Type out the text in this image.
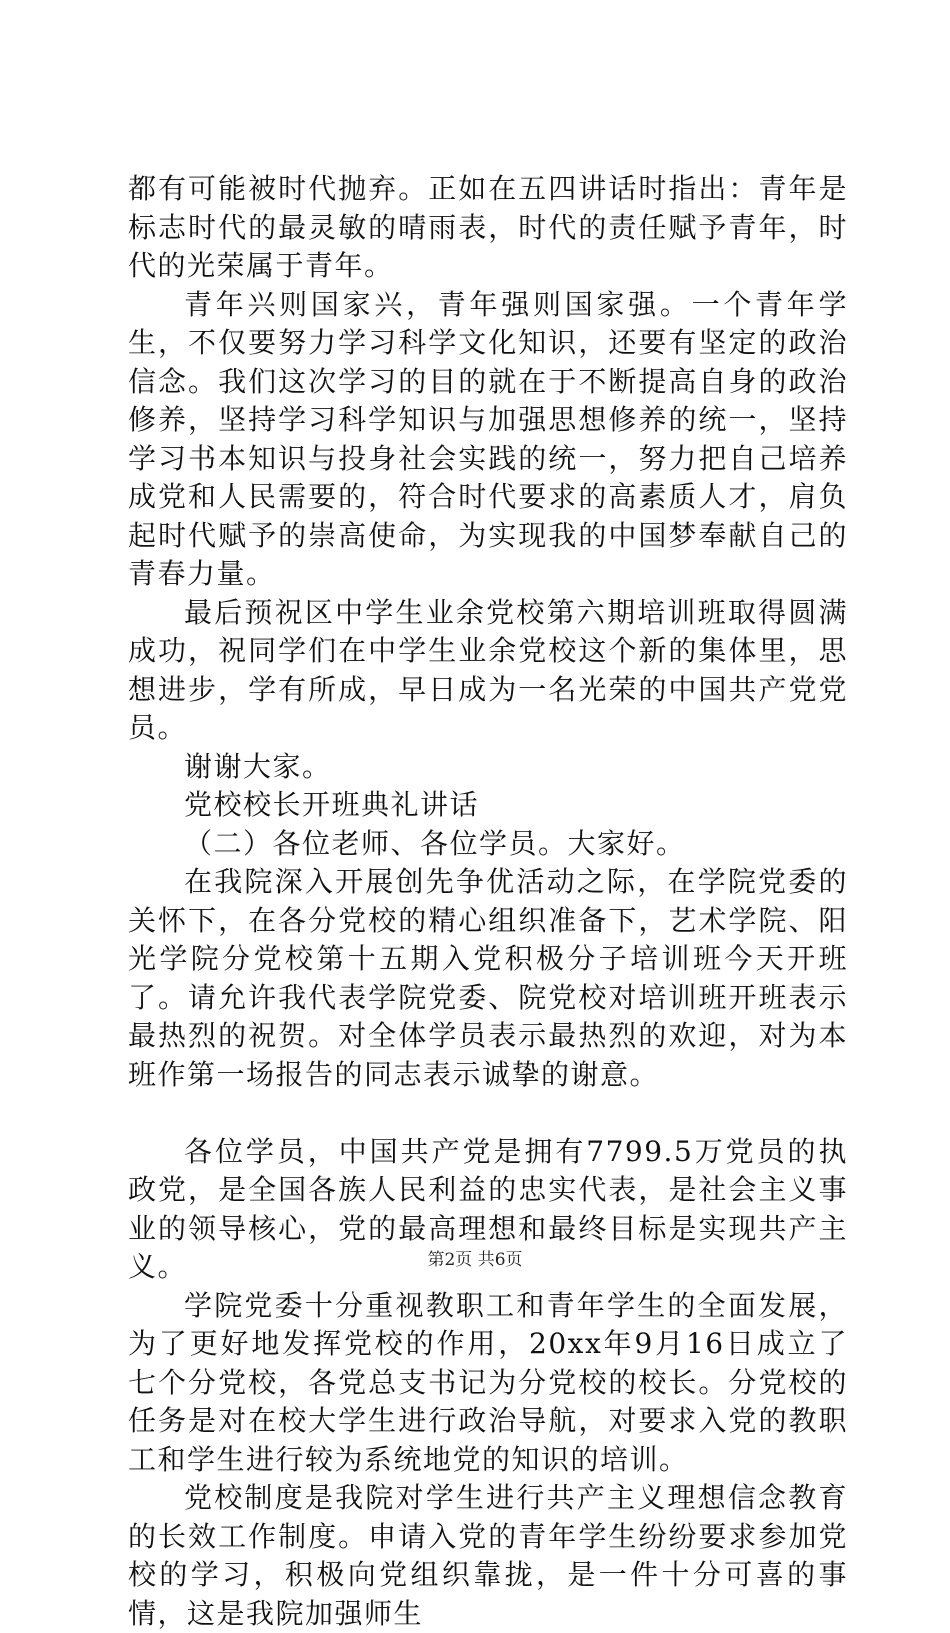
都有可能被时代抛弃。正如在五四讲话时指出：青年是标志时代的最灵敏的晴雨表，时代的责任赋予青年，时代的光荣属于青年。

青年兴则国家兴，青年强则国家强。一个青年学生，不仅要努力学习科学文化知识，还要有坚定的政治信念。我们这次学习的目的就在于不断提高自身的政治修养，坚持学习科学知识与加强思想修养的统一，坚持学习书本知识与投身社会实践的统一，努力把自己培养成党和人民需要的，符合时代要求的高素质人才，肩负起时代赋予的崇高使命，为实现我的中国梦奉献自己的青春力量。

最后预祝区中学生业余党校第六期培训班取得圆满成功，祝同学们在中学生业余党校这个新的集体里，思想进步，学有所成，早日成为一名光荣的中国共产党党员。

谢谢大家。

党校校长开班典礼讲话

（二）各位老师、各位学员。大家好。

在我院深入开展创先争优活动之际，在学院党委的关怀下，在各分党校的精心组织准备下，艺术学院、阳光学院分党校第十五期入党积极分子培训班今天开班了。请允许我代表学院党委、院党校对培训班开班表示最热烈的祝贺。对全体学员表示最热烈的欢迎，对为本班作第一场报告的同志表示诚挚的谢意。

各位学员，中国共产党是拥有7799.5万党员的执政党，是全国各族人民利益的忠实代表，是社会主义事业的领导核心，党的最高理想和最终目标是实现共产主义。

学院党委十分重视教职工和青年学生的全面发展，为了更好地发挥党校的作用，20xx年9月16日成立了七个分党校，各党总支书记为分党校的校长。分党校的任务是对在校大学生进行政治导航，对要求入党的教职工和学生进行较为系统地党的知识的培训。

党校制度是我院对学生进行共产主义理想信念教育的长效工作制度。申请入党的青年学生纷纷要求参加党校的学习，积极向党组织靠拢，是一件十分可喜的事情，这是我院加强师生

第2页 共6页
